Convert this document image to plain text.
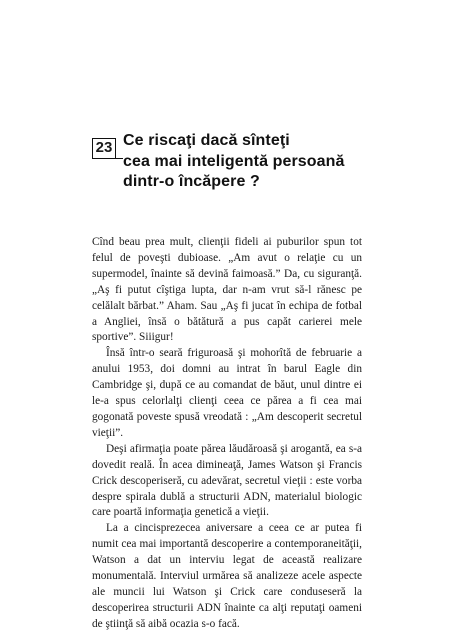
23 Ce riscaţi dacă sînteţi
cea mai inteligentă persoană
dintr-o încăpere ?

Cînd beau prea mult, clienţii fideli ai puburilor spun tot felul de poveşti dubioase. „Am avut o relaţie cu un supermodel, înainte să devină faimoasă.” Da, cu siguranţă. „Aş fi putut cîştiga lupta, dar n-am vrut să-l rănesc pe celălalt bărbat.” Aham. Sau „Aş fi jucat în echipa de fotbal a Angliei, însă o bătătură a pus capăt carierei mele sportive”. Siiigur!

Însă într-o seară friguroasă şi mohorîtă de februarie a anului 1953, doi domni au intrat în barul Eagle din Cambridge şi, după ce au comandat de băut, unul dintre ei le-a spus celorlalţi clienţi ceea ce părea a fi cea mai gogonată poveste spusă vreodată : „Am descoperit secretul vieţii”.

Deşi afirmaţia poate părea lăudăroasă şi arogantă, ea s-a dovedit reală. În acea dimineaţă, James Watson şi Francis Crick descoperiseră, cu adevărat, secretul vieţii : este vorba despre spirala dublă a structurii ADN, materialul biologic care poartă informaţia genetică a vieţii.

La a cincisprezecea aniversare a ceea ce ar putea fi numit cea mai importantă descoperire a contemporaneităţii, Watson a dat un interviu legat de această realizare monumentală. Interviul urmărea să analizeze acele aspecte ale muncii lui Watson şi Crick care conduseseră la descoperirea structurii ADN înainte ca alţi reputaţi oameni de ştiinţă să aibă ocazia s-o facă.
